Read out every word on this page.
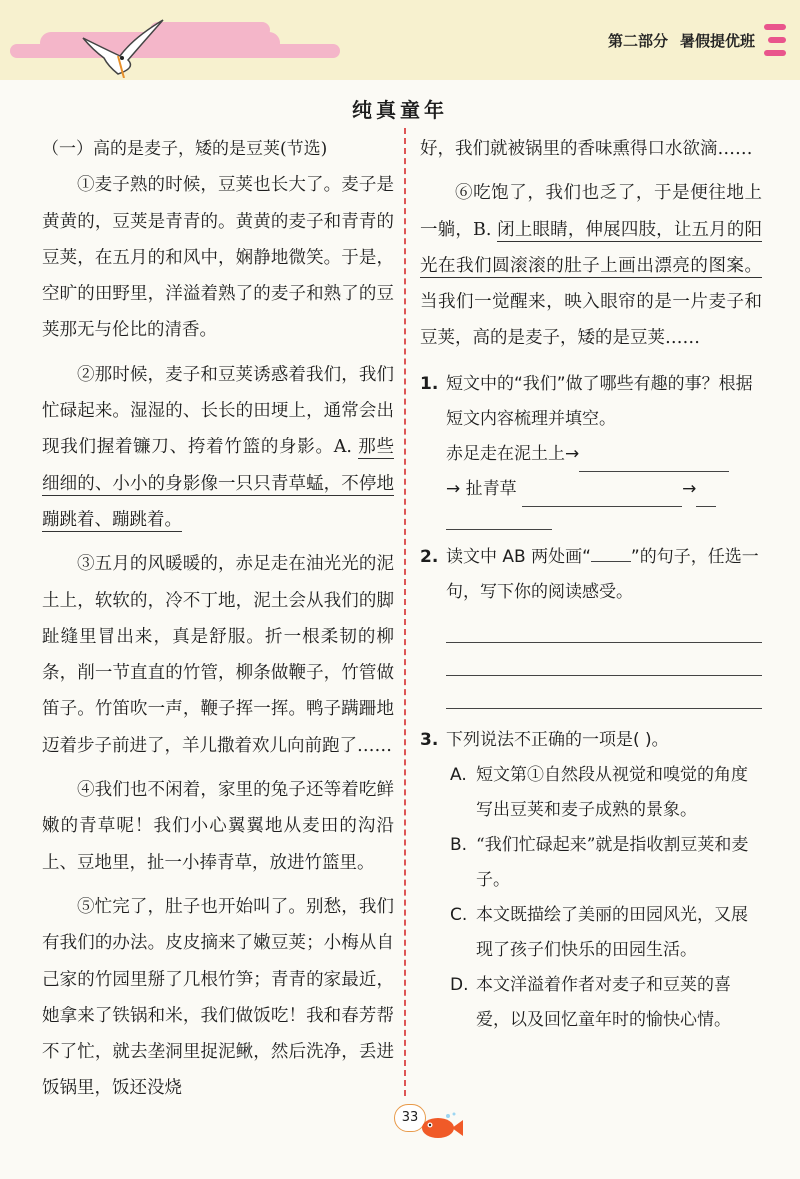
第二部分 暑假提优班
纯真童年

（一）高的是麦子，矮的是豆荚(节选)

①麦子熟的时候，豆荚也长大了。麦子是黄黄的，豆荚是青青的。黄黄的麦子和青青的豆荚，在五月的和风中，娴静地微笑。于是，空旷的田野里，洋溢着熟了的麦子和熟了的豆荚那无与伦比的清香。

②那时候，麦子和豆荚诱惑着我们，我们忙碌起来。湿湿的、长长的田埂上，通常会出现我们握着镰刀、挎着竹篮的身影。A. 那些细细的、小小的身影像一只只青草蜢，不停地蹦跳着、蹦跳着。

③五月的风暖暖的，赤足走在油光光的泥土上，软软的，冷不丁地，泥土会从我们的脚趾缝里冒出来，真是舒服。折一根柔韧的柳条，削一节直直的竹管，柳条做鞭子，竹管做笛子。竹笛吹一声，鞭子挥一挥。鸭子蹒跚地迈着步子前进了，羊儿撒着欢儿向前跑了……

④我们也不闲着，家里的兔子还等着吃鲜嫩的青草呢！我们小心翼翼地从麦田的沟沿上、豆地里，扯一小捧青草，放进竹篮里。

⑤忙完了，肚子也开始叫了。别愁，我们有我们的办法。皮皮摘来了嫩豆荚；小梅从自己家的竹园里掰了几根竹笋；青青的家最近，她拿来了铁锅和米，我们做饭吃！我和春芳帮不了忙，就去垄洞里捉泥鳅，然后洗净，丢进饭锅里，饭还没烧

好，我们就被锅里的香味熏得口水欲滴……

⑥吃饱了，我们也乏了，于是便往地上一躺，B. 闭上眼睛，伸展四肢，让五月的阳光在我们圆滚滚的肚子上画出漂亮的图案。当我们一觉醒来，映入眼帘的是一片麦子和豆荚，高的是麦子，矮的是豆荚……

1. 短文中的“我们”做了哪些有趣的事？根据短文内容梳理并填空。
赤足走在泥土上 →
→
扯青草
	→
2. 读文中 AB 两处画“ ”的句子，任选一句，写下你的阅读感受。
3. 下列说法不正确的一项是( )。
A. 短文第①自然段从视觉和嗅觉的角度写出豆荚和麦子成熟的景象。
B. “我们忙碌起来”就是指收割豆荚和麦子。
C. 本文既描绘了美丽的田园风光，又展现了孩子们快乐的田园生活。
D. 本文洋溢着作者对麦子和豆荚的喜爱，以及回忆童年时的愉快心情。
33
